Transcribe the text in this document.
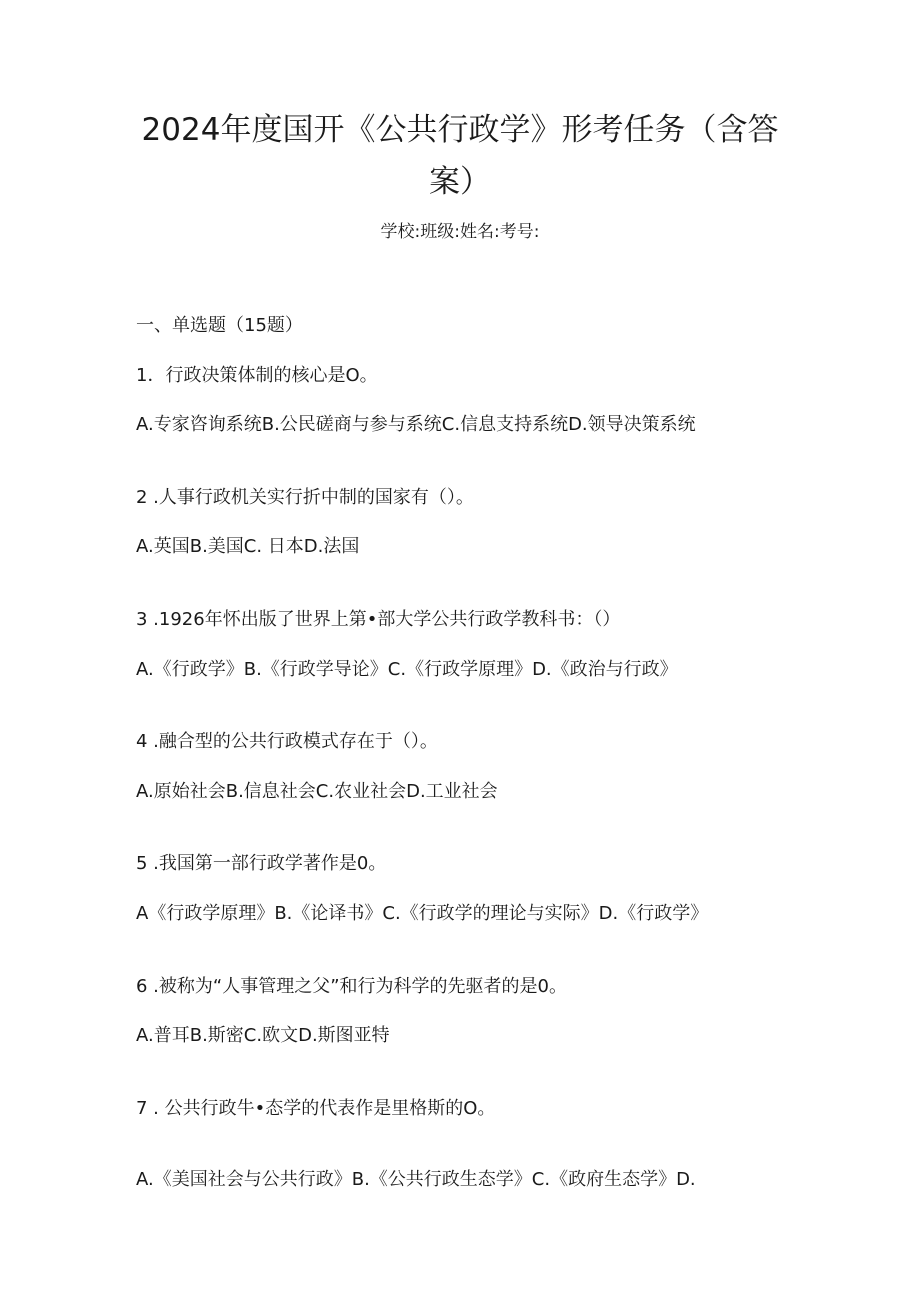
2024年度国开《公共行政学》形考任务（含答案）
学校:班级:姓名:考号:
一、单选题（15题）
1．行政决策体制的核心是O。
A.专家咨询系统B.公民磋商与参与系统C.信息支持系统D.领导决策系统
2 .人事行政机关实行折中制的国家有（）。
A.英国B.美国C. 日本D.法国
3 .1926年怀出版了世界上第•部大学公共行政学教科书：（）
A.《行政学》B.《行政学导论》C.《行政学原理》D.《政治与行政》
4 .融合型的公共行政模式存在于（）。
A.原始社会B.信息社会C.农业社会D.工业社会
5 .我国第一部行政学著作是0。
A《行政学原理》B.《论译书》C.《行政学的理论与实际》D.《行政学》
6 .被称为“人事管理之父”和行为科学的先驱者的是0。
A.普耳B.斯密C.欧文D.斯图亚特
7 . 公共行政牛•态学的代表作是里格斯的O。
A.《美国社会与公共行政》B.《公共行政生态学》C.《政府生态学》D.
